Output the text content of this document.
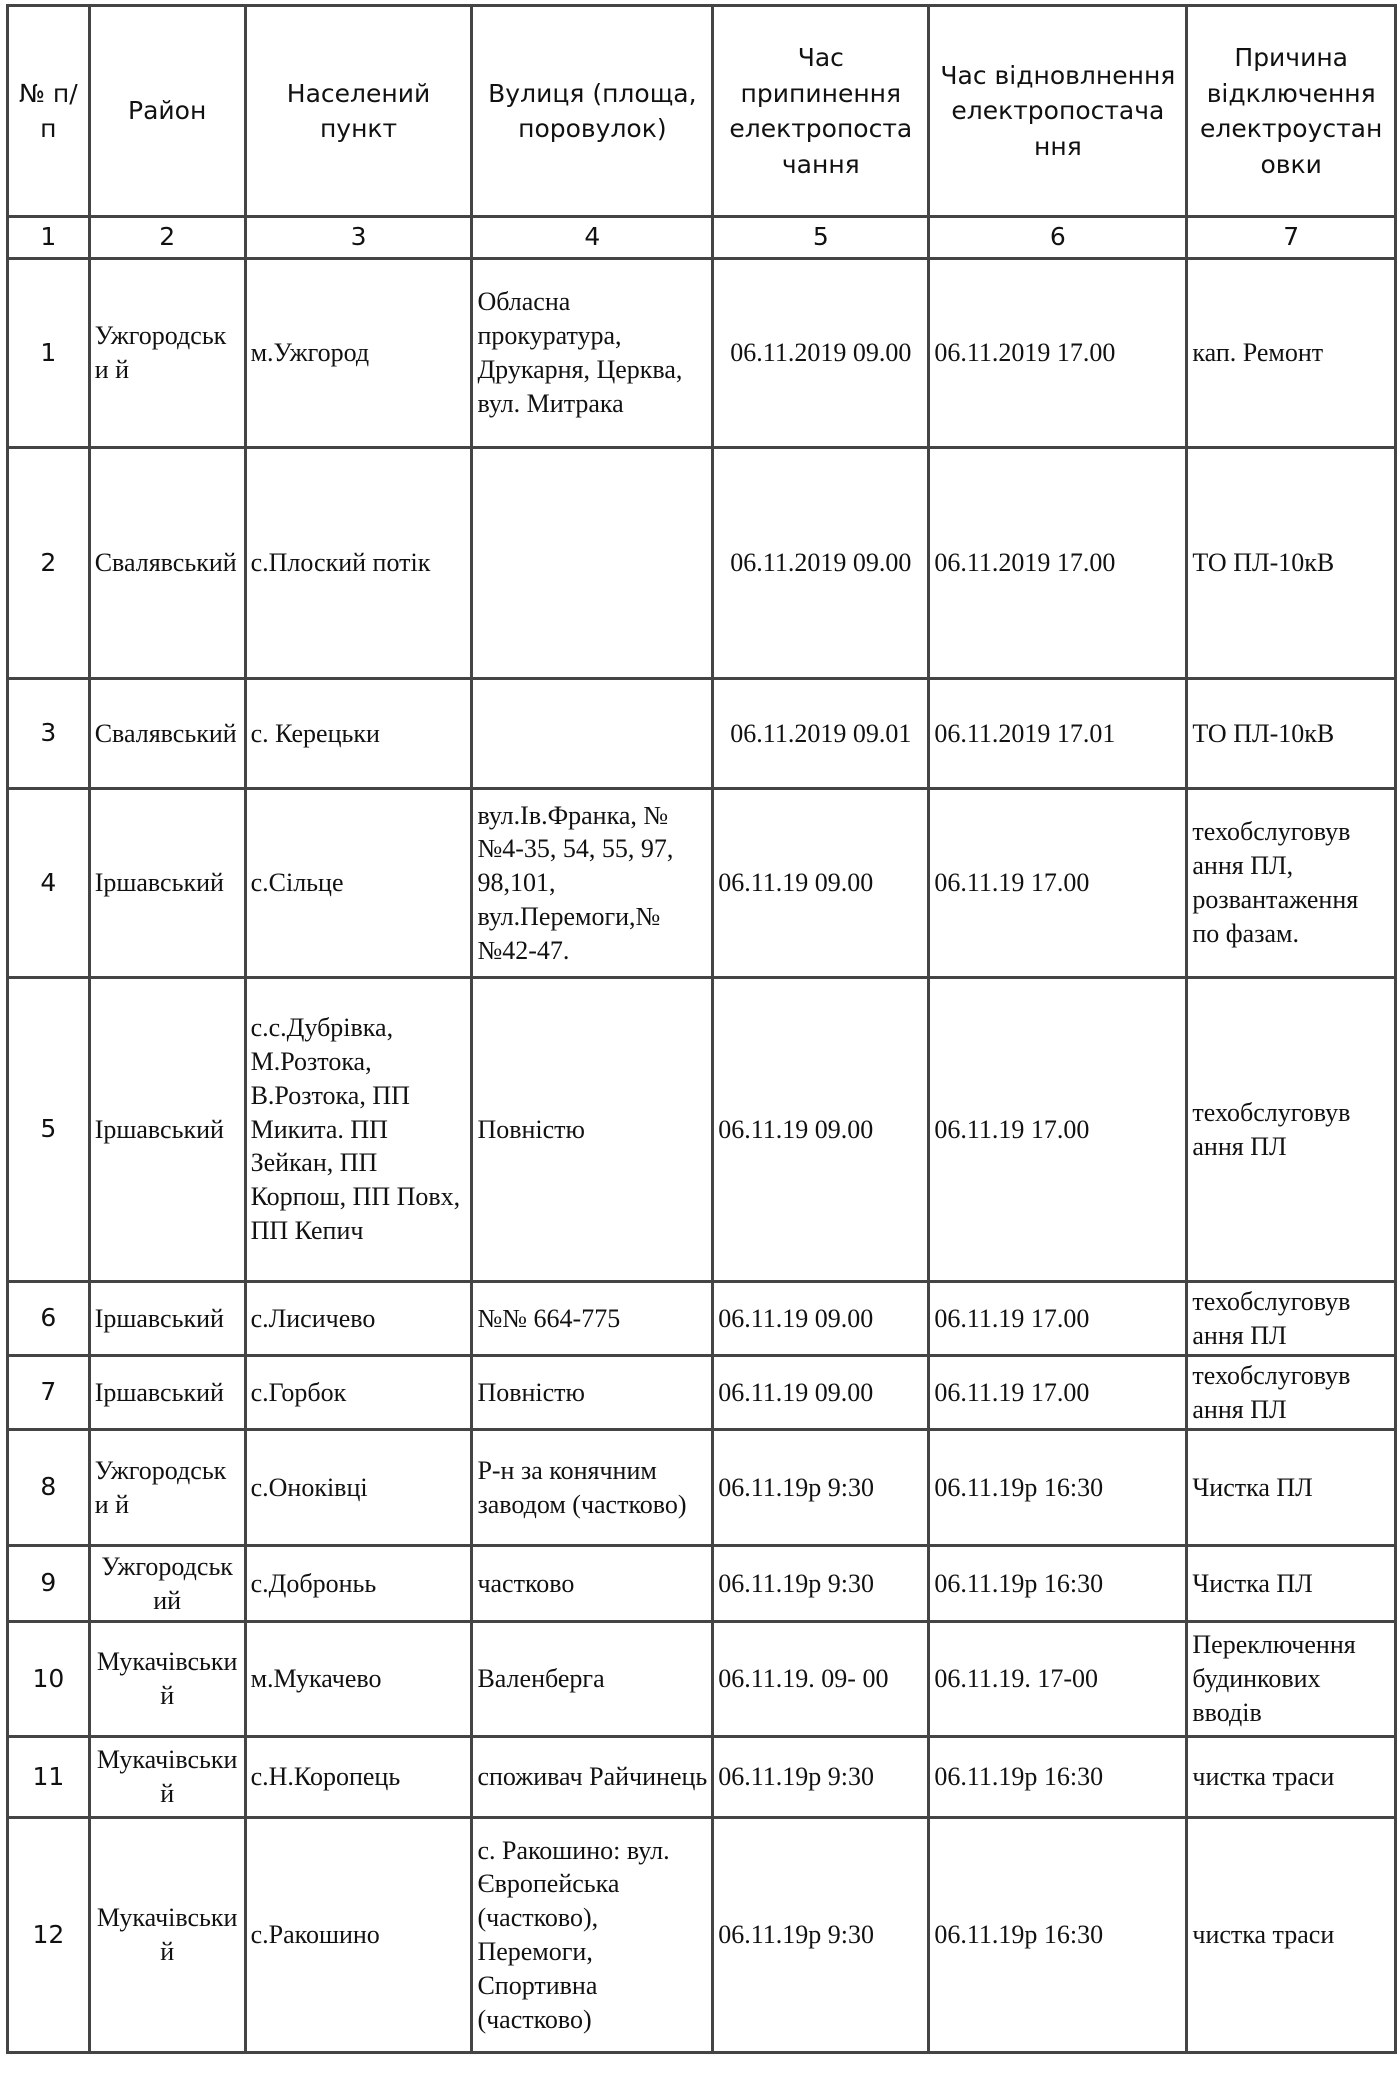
№ п/п	Район	Населений пункт	Вулиця (площа, поровулок)	Час припинення електропоста чання	Час відновлнення електропостача ння	Причина відключення електроустан овки
1	2	3	4	5	6	7
1	Ужгородськи й	м.Ужгород	Обласна прокуратура, Друкарня, Церква, вул. Митрака	06.11.2019 09.00	06.11.2019 17.00	кап. Ремонт
2	Свалявський	с.Плоский потік		06.11.2019 09.00	06.11.2019 17.00	ТО ПЛ-10кВ
3	Свалявський	с. Керецьки		06.11.2019 09.01	06.11.2019 17.01	ТО ПЛ-10кВ
4	Іршавський	с.Сільце	вул.Ів.Франка, №№4-35, 54, 55, 97, 98,101, вул.Перемоги,№ №42-47.	06.11.19 09.00	06.11.19 17.00	техобслуговув ання ПЛ, розвантаження по фазам.
5	Іршавський	с.с.Дубрівка, М.Розтока, В.Розтока, ПП Микита. ПП Зейкан, ПП Корпош, ПП Повх, ПП Кепич	Повністю	06.11.19 09.00	06.11.19 17.00	техобслуговув ання ПЛ
6	Іршавський	с.Лисичево	№№ 664-775	06.11.19 09.00	06.11.19 17.00	техобслуговув ання ПЛ
7	Іршавський	с.Горбок	Повністю	06.11.19 09.00	06.11.19 17.00	техобслуговув ання ПЛ
8	Ужгородськи й	с.Оноківці	Р-н за конячним заводом (частково)	06.11.19р 9:30	06.11.19р 16:30	Чистка ПЛ
9	Ужгородськ ий	с.Доброньь	частково	06.11.19р 9:30	06.11.19р 16:30	Чистка ПЛ
10	Мукачівськи й	м.Мукачево	Валенберга	06.11.19. 09- 00	06.11.19. 17-00	Переключення будинкових вводів
11	Мукачівськи й	с.Н.Коропець	споживач Райчинець	06.11.19р 9:30	06.11.19р 16:30	чистка траси
12	Мукачівськи й	с.Ракошино	с. Ракошино: вул. Європейська (частково), Перемоги, Спортивна (частково)	06.11.19р 9:30	06.11.19р 16:30	чистка траси
